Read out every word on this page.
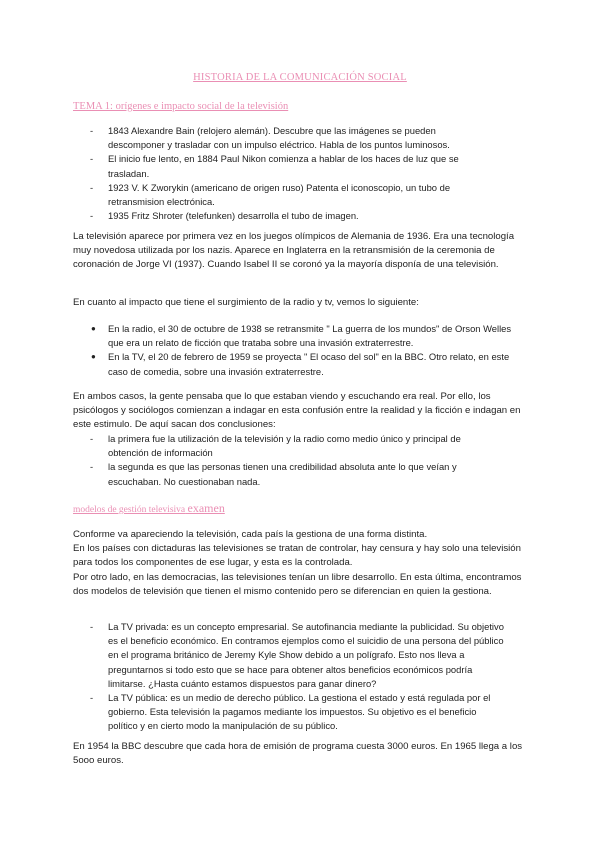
HISTORIA DE LA COMUNICACIÓN SOCIAL
TEMA 1: orígenes e impacto social de la televisión
- 1843 Alexandre Bain (relojero alemán). Descubre que las imágenes se pueden descomponer y trasladar con un impulso eléctrico. Habla de los puntos luminosos.
- El inicio fue lento, en 1884 Paul Nikon comienza a hablar de los haces de luz que se trasladan.
- 1923 V. K Zworykin (americano de origen ruso) Patenta el iconoscopio, un tubo de retransmision electrónica.
- 1935 Fritz Shroter (telefunken) desarrolla el tubo de imagen.

La televisión aparece por primera vez en los juegos olímpicos de Alemania de 1936. Era una tecnología muy novedosa utilizada por los nazis. Aparece en Inglaterra en la retransmisión de la ceremonia de coronación de Jorge VI (1937). Cuando Isabel II se coronó ya la mayoría disponía de una televisión.

En cuanto al impacto que tiene el surgimiento de la radio y tv, vemos lo siguiente:

● En la radio, el 30 de octubre de 1938 se retransmite " La guerra de los mundos" de Orson Welles que era un relato de ficción que trataba sobre una invasión extraterrestre.
● En la TV, el 20 de febrero de 1959 se proyecta " El ocaso del sol" en la BBC. Otro relato, en este caso de comedia, sobre una invasión extraterrestre.

En ambos casos, la gente pensaba que lo que estaban viendo y escuchando era real. Por ello, los psicólogos y sociólogos comienzan a indagar en esta confusión entre la realidad y la ficción e indagan en este estimulo. De aquí sacan dos conclusiones:

- la primera fue la utilización de la televisión y la radio como medio único y principal de obtención de información
- la segunda es que las personas tienen una credibilidad absoluta ante lo que veían y escuchaban. No cuestionaban nada.
modelos de gestión televisiva examen

Conforme va apareciendo la televisión, cada país la gestiona de una forma distinta.

En los países con dictaduras las televisiones se tratan de controlar, hay censura y hay solo una televisión para todos los componentes de ese lugar, y esta es la controlada.

Por otro lado, en las democracias, las televisiones tenían un libre desarrollo. En esta última, encontramos dos modelos de televisión que tienen el mismo contenido pero se diferencian en quien la gestiona.

- La TV privada: es un concepto empresarial. Se autofinancia mediante la publicidad. Su objetivo es el beneficio económico. En contramos ejemplos como el suicidio de una persona del público en el programa británico de Jeremy Kyle Show debido a un polígrafo. Esto nos lleva a preguntarnos si todo esto que se hace para obtener altos beneficios económicos podría limitarse. ¿Hasta cuánto estamos dispuestos para ganar dinero?
- La TV pública: es un medio de derecho público. La gestiona el estado y está regulada por el gobierno. Esta televisión la pagamos mediante los impuestos. Su objetivo es el beneficio político y en cierto modo la manipulación de su público.

En 1954 la BBC descubre que cada hora de emisión de programa cuesta 3000 euros. En 1965 llega a los 5ooo euros.
